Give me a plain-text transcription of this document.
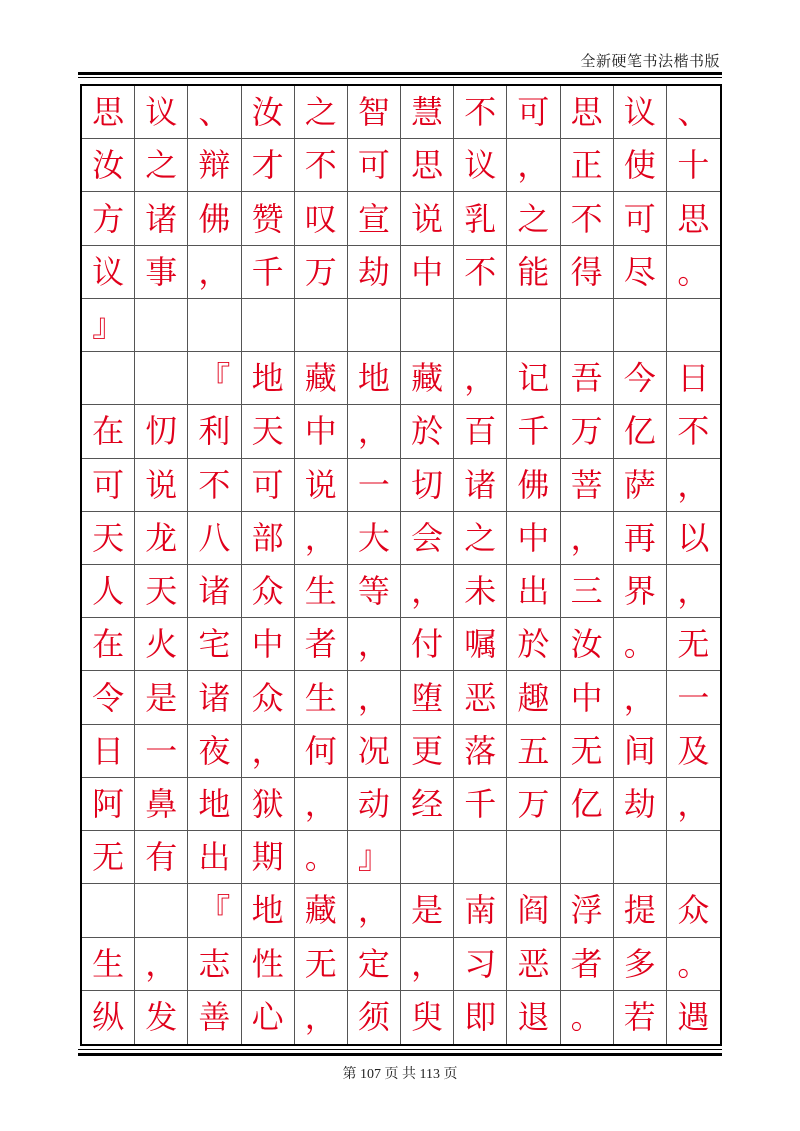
全新硬笔书法楷书版
思 议 、 汝 之 智 慧 不 可 思 议 、
汝 之 辩 才 不 可 思 议 ， 正 使 十
方 诸 佛 赞 叹 宣 说 乳 之 不 可 思
议 事 ， 千 万 劫 中 不 能 得 尽 。
』
『 地 藏 地 藏 ， 记 吾 今 日
在 忉 利 天 中 ， 於 百 千 万 亿 不
可 说 不 可 说 一 切 诸 佛 菩 萨 ，
天 龙 八 部 ， 大 会 之 中 ， 再 以
人 天 诸 众 生 等 ， 未 出 三 界 ，
在 火 宅 中 者 ， 付 嘱 於 汝 。 无
令 是 诸 众 生 ， 堕 恶 趣 中 ， 一
日 一 夜 ， 何 况 更 落 五 无 间 及
阿 鼻 地 狱 ， 动 经 千 万 亿 劫 ，
无 有 出 期 。 』
『 地 藏 ， 是 南 阎 浮 提 众
生 ， 志 性 无 定 ， 习 恶 者 多 。
纵 发 善 心 ， 须 臾 即 退 。 若 遇
第 107 页 共 113 页
